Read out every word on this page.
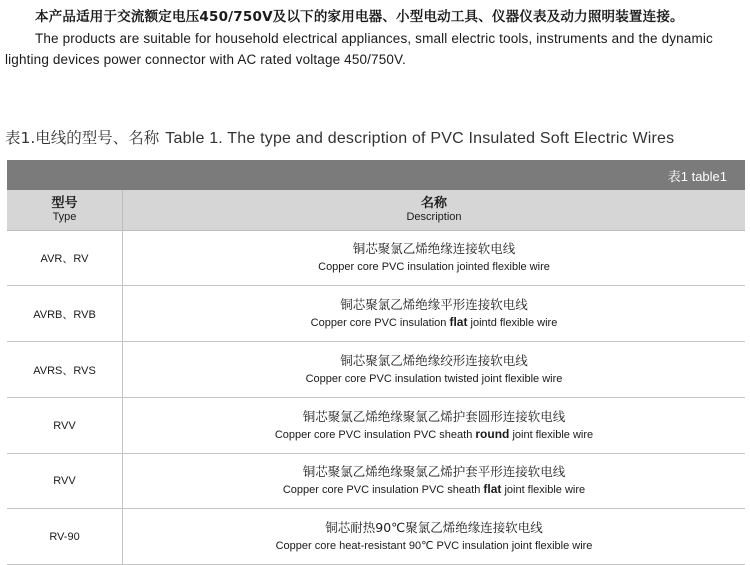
本产品适用于交流额定电压450/750V及以下的家用电器、小型电动工具、仪器仪表及动力照明装置连接。
The products are suitable for household electrical appliances, small electric tools, instruments and the dynamic lighting devices power connector with AC rated voltage 450/750V.
表1.电线的型号、名称 Table 1. The type and description of PVC Insulated Soft Electric Wires
表1 table1
型号
Type
名称
Description
AVR、RV
铜芯聚氯乙烯绝缘连接软电线
Copper core PVC insulation jointed flexible wire
AVRB、RVB
铜芯聚氯乙烯绝缘平形连接软电线
Copper core PVC insulation flat jointd flexible wire
AVRS、RVS
铜芯聚氯乙烯绝缘绞形连接软电线
Copper core PVC insulation twisted joint flexible wire
RVV
铜芯聚氯乙烯绝缘聚氯乙烯护套圆形连接软电线
Copper core PVC insulation PVC sheath round joint flexible wire
RVV
铜芯聚氯乙烯绝缘聚氯乙烯护套平形连接软电线
Copper core PVC insulation PVC sheath flat joint flexible wire
RV-90
铜芯耐热90℃聚氯乙烯绝缘连接软电线
Copper core heat-resistant 90℃ PVC insulation joint flexible wire
